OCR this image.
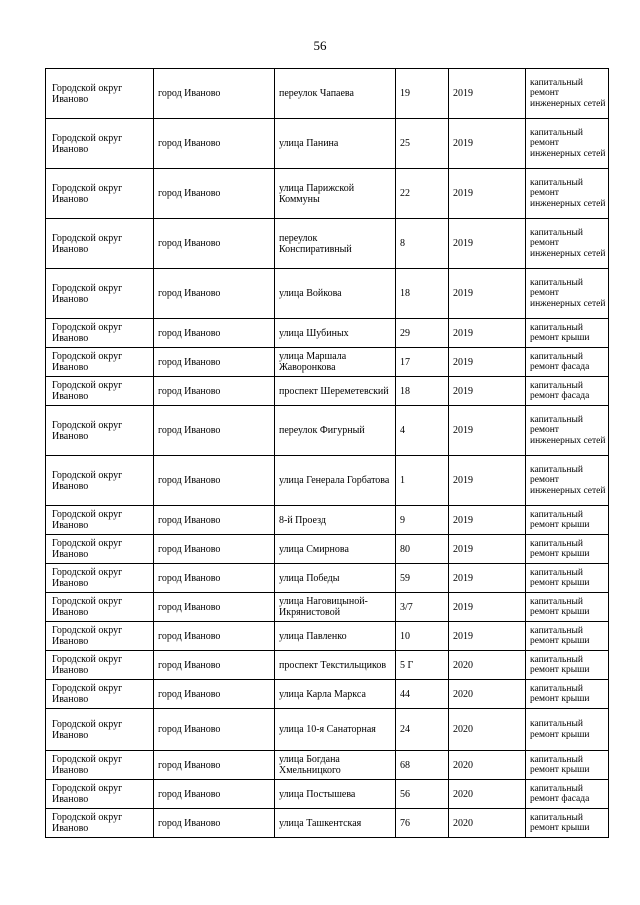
56
Городской округ Иваново	город Иваново	переулок Чапаева	19	2019	капитальный ремонт инженерных сетей
Городской округ Иваново	город Иваново	улица Панина	25	2019	капитальный ремонт инженерных сетей
Городской округ Иваново	город Иваново	улица Парижской Коммуны	22	2019	капитальный ремонт инженерных сетей
Городской округ Иваново	город Иваново	переулок Конспиративный	8	2019	капитальный ремонт инженерных сетей
Городской округ Иваново	город Иваново	улица Войкова	18	2019	капитальный ремонт инженерных сетей
Городской округ Иваново	город Иваново	улица Шубиных	29	2019	капитальный ремонт крыши
Городской округ Иваново	город Иваново	улица Маршала Жаворонкова	17	2019	капитальный ремонт фасада
Городской округ Иваново	город Иваново	проспект Шереметевский	18	2019	капитальный ремонт фасада
Городской округ Иваново	город Иваново	переулок Фигурный	4	2019	капитальный ремонт инженерных сетей
Городской округ Иваново	город Иваново	улица Генерала Горбатова	1	2019	капитальный ремонт инженерных сетей
Городской округ Иваново	город Иваново	8-й Проезд	9	2019	капитальный ремонт крыши
Городской округ Иваново	город Иваново	улица Смирнова	80	2019	капитальный ремонт крыши
Городской округ Иваново	город Иваново	улица Победы	59	2019	капитальный ремонт крыши
Городской округ Иваново	город Иваново	улица Наговицыной-Икрянистовой	3/7	2019	капитальный ремонт крыши
Городской округ Иваново	город Иваново	улица Павленко	10	2019	капитальный ремонт крыши
Городской округ Иваново	город Иваново	проспект Текстильщиков	5 Г	2020	капитальный ремонт крыши
Городской округ Иваново	город Иваново	улица Карла Маркса	44	2020	капитальный ремонт крыши
Городской округ Иваново	город Иваново	улица 10-я Санаторная	24	2020	капитальный ремонт крыши
Городской округ Иваново	город Иваново	улица Богдана Хмельницкого	68	2020	капитальный ремонт крыши
Городской округ Иваново	город Иваново	улица Постышева	56	2020	капитальный ремонт фасада
Городской округ Иваново	город Иваново	улица Ташкентская	76	2020	капитальный ремонт крыши
